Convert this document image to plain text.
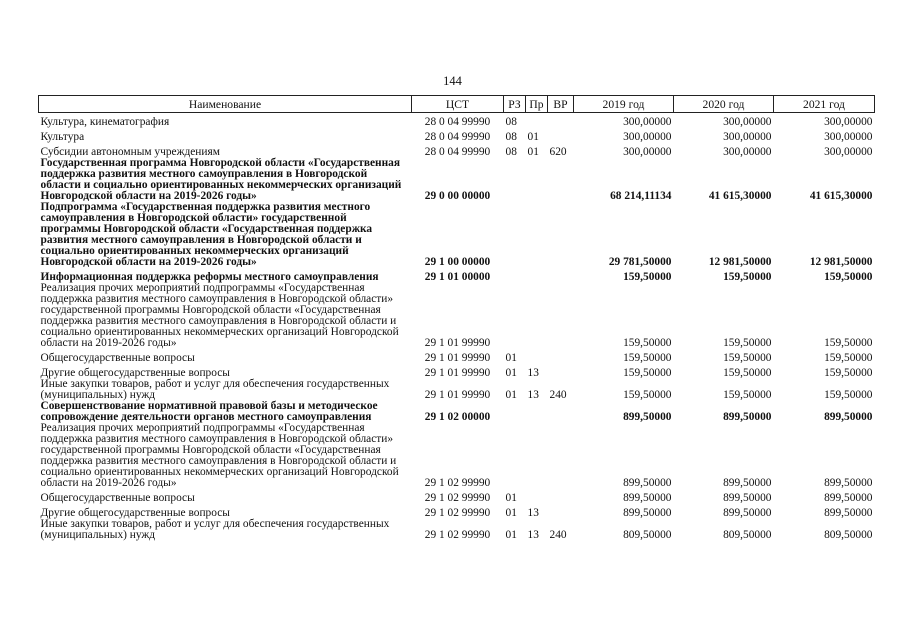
144
Наименование	ЦСТ	РЗ	Пр	ВР	2019 год	2020 год	2021 год
Культура, кинематография	28 0 04 99990	08			300,00000	300,00000	300,00000
Культура	28 0 04 99990	08	01		300,00000	300,00000	300,00000
Субсидии автономным учреждениям	28 0 04 99990	08	01	620	300,00000	300,00000	300,00000
Государственная программа Новгородской области «Государственная поддержка развития местного самоуправления в Новгородской области и социально ориентированных некоммерческих организаций Новгородской области на 2019-2026 годы»	29 0 00 00000				68 214,11134	41 615,30000	41 615,30000
Подпрограмма «Государственная поддержка развития местного самоуправления в Новгородской области» государственной программы Новгородской области «Государственная поддержка развития местного самоуправления в Новгородской области и социально ориентированных некоммерческих организаций Новгородской области на 2019-2026 годы»	29 1 00 00000				29 781,50000	12 981,50000	12 981,50000
Информационная поддержка реформы местного самоуправления	29 1 01 00000				159,50000	159,50000	159,50000
Реализация прочих мероприятий подпрограммы «Государственная поддержка развития местного самоуправления в Новгородской области» государственной программы Новгородской области «Государственная поддержка развития местного самоуправления в Новгородской области и социально ориентированных некоммерческих организаций Новгородской области на 2019-2026 годы»	29 1 01 99990				159,50000	159,50000	159,50000
Общегосударственные вопросы	29 1 01 99990	01			159,50000	159,50000	159,50000
Другие общегосударственные вопросы	29 1 01 99990	01	13		159,50000	159,50000	159,50000
Иные закупки товаров, работ и услуг для обеспечения государственных (муниципальных) нужд	29 1 01 99990	01	13	240	159,50000	159,50000	159,50000
Совершенствование нормативной правовой базы и методическое сопровождение деятельности органов местного самоуправления	29 1 02 00000				899,50000	899,50000	899,50000
Реализация прочих мероприятий подпрограммы «Государственная поддержка развития местного самоуправления в Новгородской области» государственной программы Новгородской области «Государственная поддержка развития местного самоуправления в Новгородской области и социально ориентированных некоммерческих организаций Новгородской области на 2019-2026 годы»	29 1 02 99990				899,50000	899,50000	899,50000
Общегосударственные вопросы	29 1 02 99990	01			899,50000	899,50000	899,50000
Другие общегосударственные вопросы	29 1 02 99990	01	13		899,50000	899,50000	899,50000
Иные закупки товаров, работ и услуг для обеспечения государственных (муниципальных) нужд	29 1 02 99990	01	13	240	809,50000	809,50000	809,50000
